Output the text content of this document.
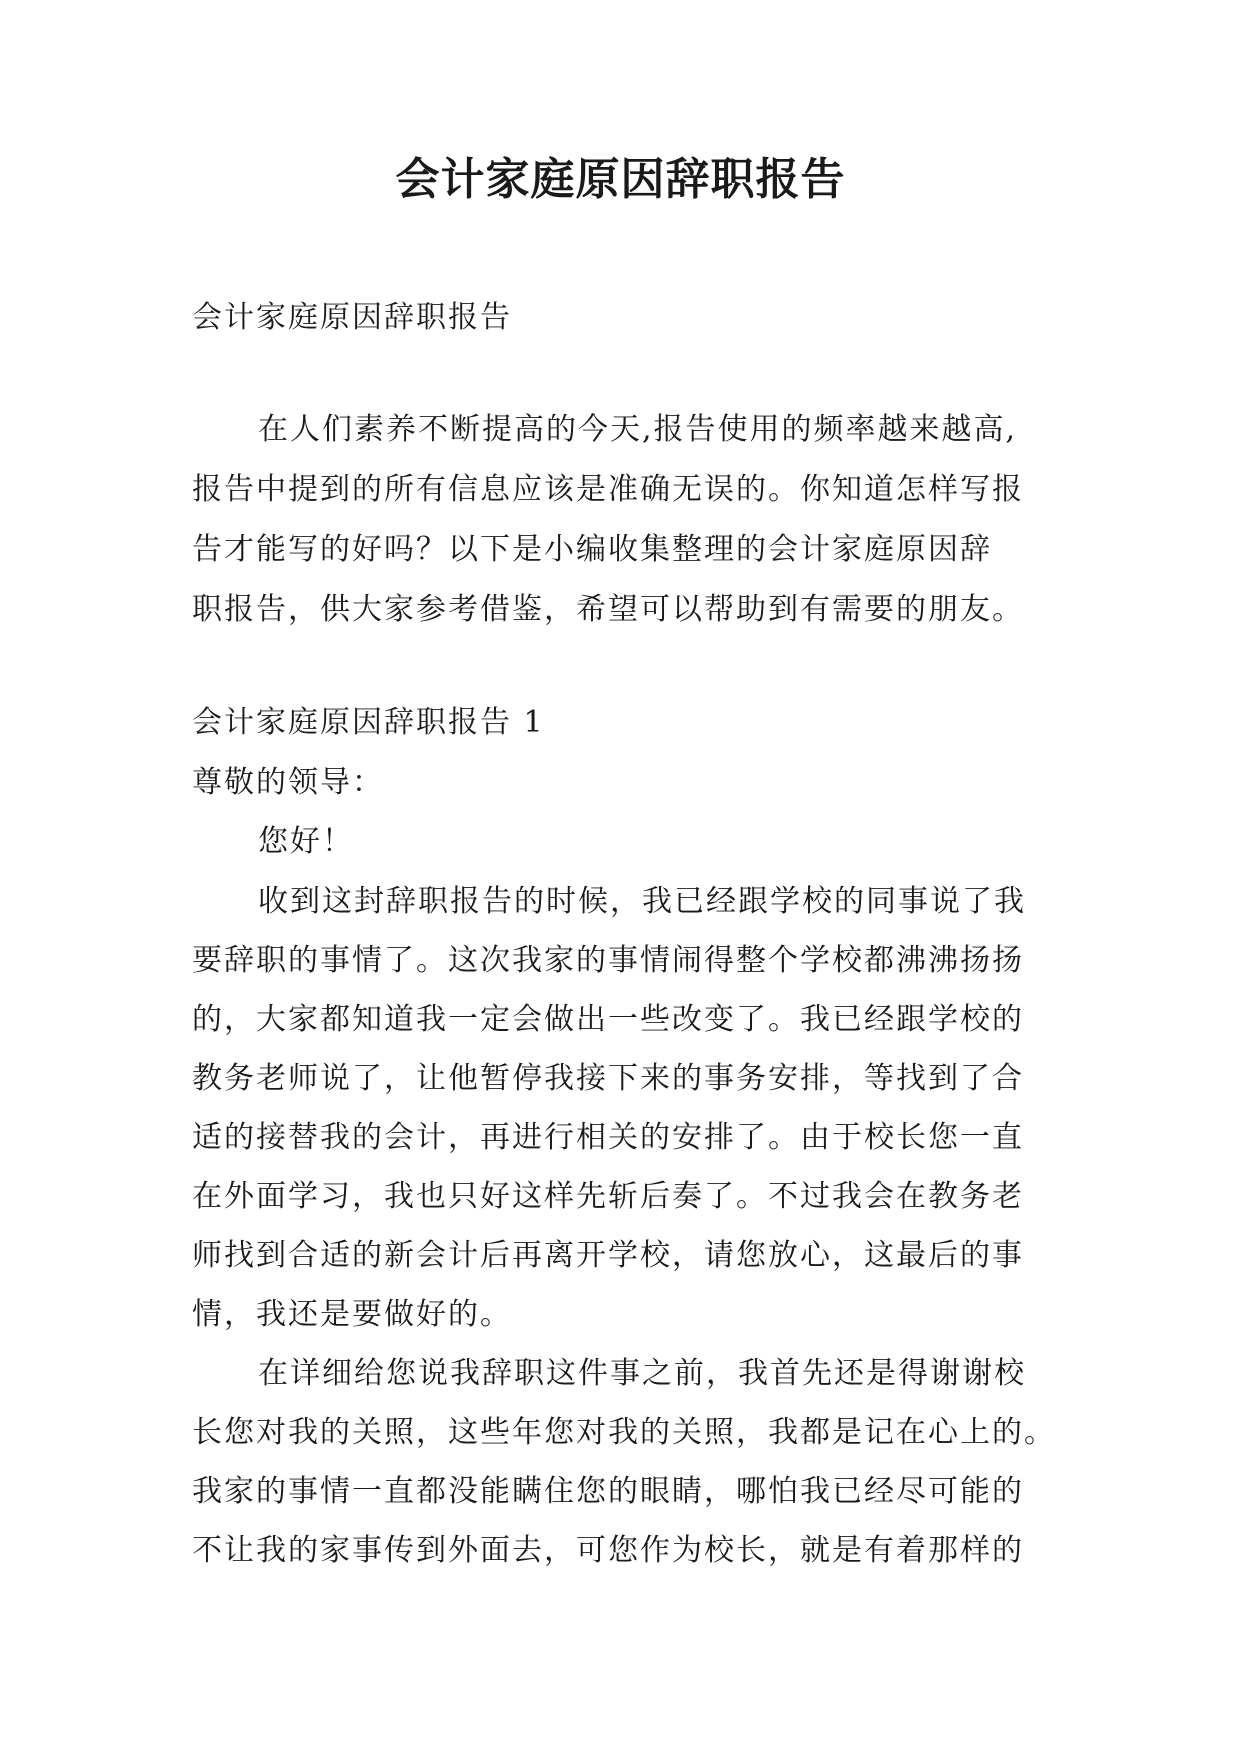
会计家庭原因辞职报告

会计家庭原因辞职报告

在人们素养不断提高的今天,报告使用的频率越来越高,

报告中提到的所有信息应该是准确无误的。你知道怎样写报

告才能写的好吗？以下是小编收集整理的会计家庭原因辞

职报告，供大家参考借鉴，希望可以帮助到有需要的朋友。

会计家庭原因辞职报告 1

尊敬的领导：

您好！

收到这封辞职报告的时候，我已经跟学校的同事说了我

要辞职的事情了。这次我家的事情闹得整个学校都沸沸扬扬

的，大家都知道我一定会做出一些改变了。我已经跟学校的

教务老师说了，让他暂停我接下来的事务安排，等找到了合

适的接替我的会计，再进行相关的安排了。由于校长您一直

在外面学习，我也只好这样先斩后奏了。不过我会在教务老

师找到合适的新会计后再离开学校，请您放心，这最后的事

情，我还是要做好的。

在详细给您说我辞职这件事之前，我首先还是得谢谢校

长您对我的关照，这些年您对我的关照，我都是记在心上的。

我家的事情一直都没能瞒住您的眼睛，哪怕我已经尽可能的

不让我的家事传到外面去，可您作为校长，就是有着那样的
